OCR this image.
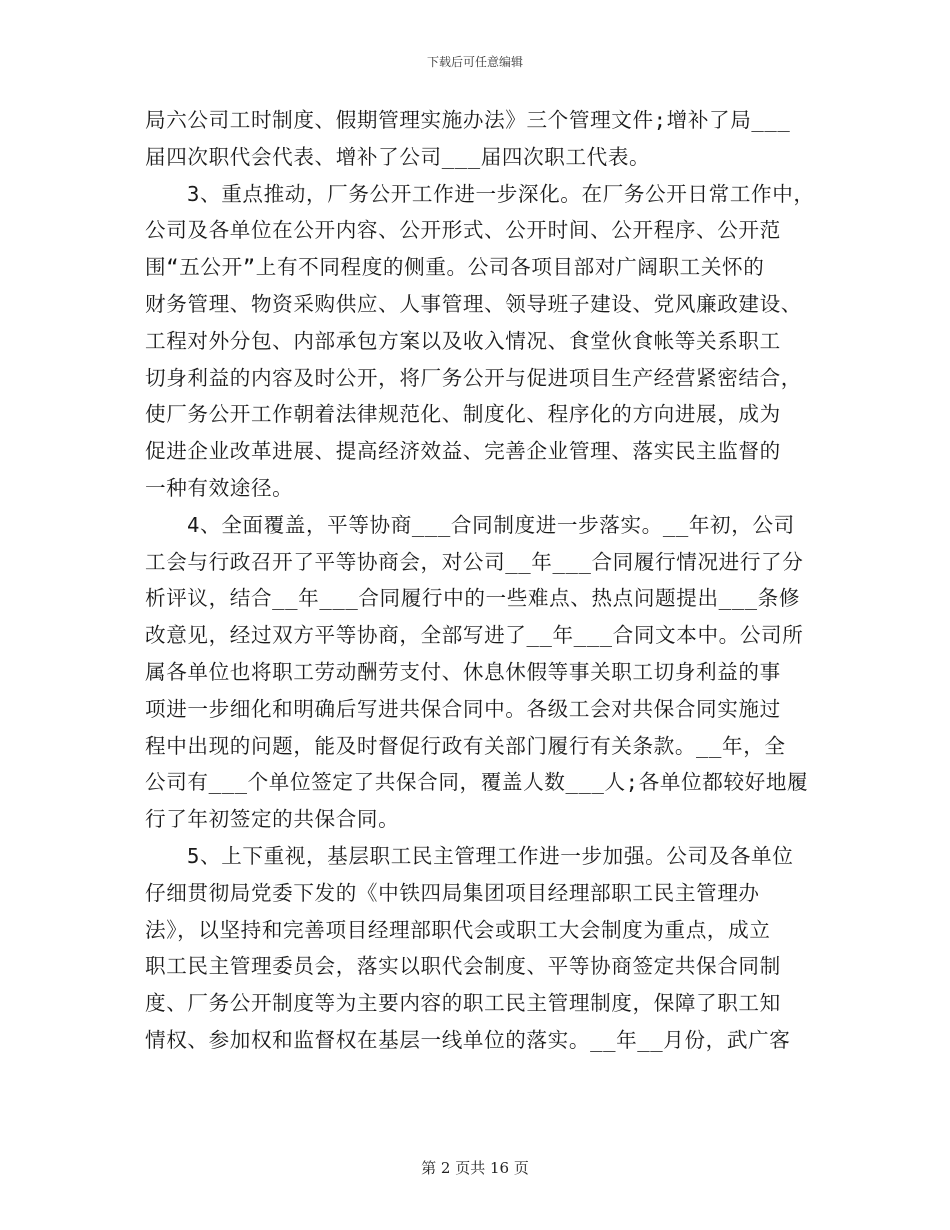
下载后可任意编辑
局六公司工时制度、假期管理实施办法》三个管理文件;增补了局___
届四次职代会代表、增补了公司___届四次职工代表。
3、重点推动，厂务公开工作进一步深化。在厂务公开日常工作中，
公司及各单位在公开内容、公开形式、公开时间、公开程序、公开范
围“五公开”上有不同程度的侧重。公司各项目部对广阔职工关怀的
财务管理、物资采购供应、人事管理、领导班子建设、党风廉政建设、
工程对外分包、内部承包方案以及收入情况、食堂伙食帐等关系职工
切身利益的内容及时公开，将厂务公开与促进项目生产经营紧密结合，
使厂务公开工作朝着法律规范化、制度化、程序化的方向进展，成为
促进企业改革进展、提高经济效益、完善企业管理、落实民主监督的
一种有效途径。
4、全面覆盖，平等协商___合同制度进一步落实。__年初，公司
工会与行政召开了平等协商会，对公司__年___合同履行情况进行了分
析评议，结合__年___合同履行中的一些难点、热点问题提出___条修
改意见，经过双方平等协商，全部写进了__年___合同文本中。公司所
属各单位也将职工劳动酬劳支付、休息休假等事关职工切身利益的事
项进一步细化和明确后写进共保合同中。各级工会对共保合同实施过
程中出现的问题，能及时督促行政有关部门履行有关条款。__年，全
公司有___个单位签定了共保合同，覆盖人数___人;各单位都较好地履
行了年初签定的共保合同。
5、上下重视，基层职工民主管理工作进一步加强。公司及各单位
仔细贯彻局党委下发的《中铁四局集团项目经理部职工民主管理办
法》，以坚持和完善项目经理部职代会或职工大会制度为重点，成立
职工民主管理委员会，落实以职代会制度、平等协商签定共保合同制
度、厂务公开制度等为主要内容的职工民主管理制度，保障了职工知
情权、参加权和监督权在基层一线单位的落实。__年__月份，武广客
第 2 页共 16 页
